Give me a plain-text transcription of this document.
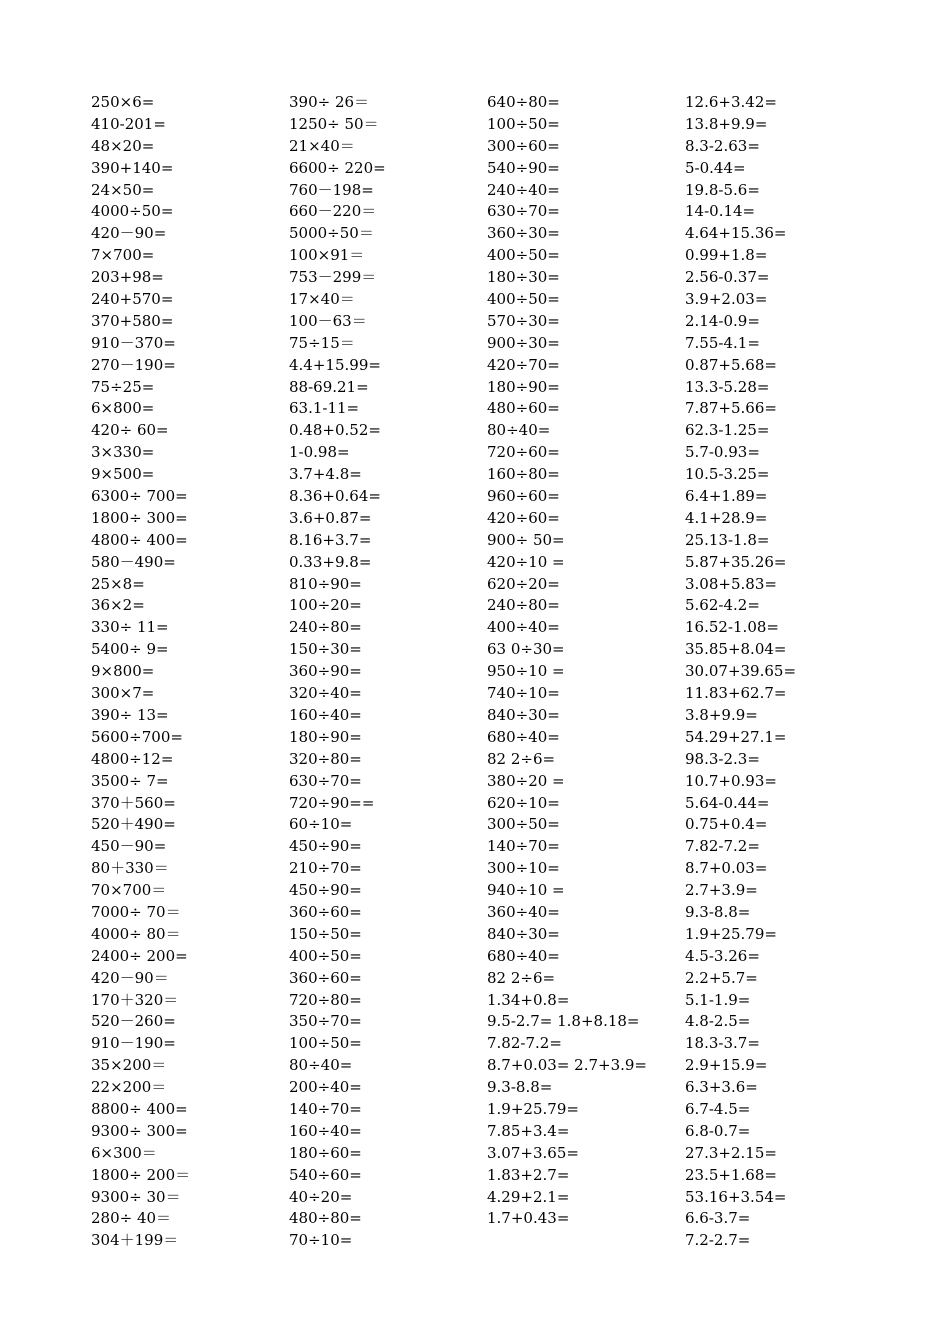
250×6=
410-201=
48×20=
390+140=
24×50=
4000÷50=
420－90=
7×700=
203+98=
240+570=
370+580=
910－370=
270－190=
75÷25=
6×800=
420÷ 60=
3×330=
9×500=
6300÷ 700=
1800÷ 300=
4800÷ 400=
580－490=
25×8=
36×2=
330÷ 11=
5400÷ 9=
9×800=
300×7=
390÷ 13=
5600÷700=
4800÷12=
3500÷ 7=
370＋560=
520＋490=
450－90=
80＋330＝
70×700＝
7000÷ 70＝
4000÷ 80＝
2400÷ 200=
420－90＝
170＋320＝
520－260=
910－190=
35×200＝
22×200＝
8800÷ 400=
9300÷ 300=
6×300＝
1800÷ 200＝
9300÷ 30＝
280÷ 40＝
304＋199＝
390÷ 26＝
1250÷ 50＝
21×40＝
6600÷ 220=
760－198=
660－220＝
5000÷50＝
100×91＝
753－299＝
17×40＝
100－63＝
75÷15＝
4.4+15.99=
88-69.21=
63.1-11=
0.48+0.52=
1-0.98=
3.7+4.8=
8.36+0.64=
3.6+0.87=
8.16+3.7=
0.33+9.8=
810÷90=
100÷20=
240÷80=
150÷30=
360÷90=
320÷40=
160÷40=
180÷90=
320÷80=
630÷70=
720÷90==
60÷10=
450÷90=
210÷70=
450÷90=
360÷60=
150÷50=
400÷50=
360÷60=
720÷80=
350÷70=
100÷50=
80÷40=
200÷40=
140÷70=
160÷40=
180÷60=
540÷60=
40÷20=
480÷80=
70÷10=
640÷80=
100÷50=
300÷60=
540÷90=
240÷40=
630÷70=
360÷30=
400÷50=
180÷30=
400÷50=
570÷30=
900÷30=
420÷70=
180÷90=
480÷60=
80÷40=
720÷60=
160÷80=
960÷60=
420÷60=
900÷ 50=
420÷10 =
620÷20=
240÷80=
400÷40=
63 0÷30=
950÷10 =
740÷10=
840÷30=
680÷40=
82 2÷6=
380÷20 =
620÷10=
300÷50=
140÷70=
300÷10=
940÷10 =
360÷40=
840÷30=
680÷40=
82 2÷6=
1.34+0.8=
9.5-2.7= 1.8+8.18=
7.82-7.2=
8.7+0.03= 2.7+3.9=
9.3-8.8=
1.9+25.79=
7.85+3.4=
3.07+3.65=
1.83+2.7=
4.29+2.1=
1.7+0.43=
12.6+3.42=
13.8+9.9=
8.3-2.63=
5-0.44=
19.8-5.6=
14-0.14=
4.64+15.36=
0.99+1.8=
2.56-0.37=
3.9+2.03=
2.14-0.9=
7.55-4.1=
0.87+5.68=
13.3-5.28=
7.87+5.66=
62.3-1.25=
5.7-0.93=
10.5-3.25=
6.4+1.89=
4.1+28.9=
25.13-1.8=
5.87+35.26=
3.08+5.83=
5.62-4.2=
16.52-1.08=
35.85+8.04=
30.07+39.65=
11.83+62.7=
3.8+9.9=
54.29+27.1=
98.3-2.3=
10.7+0.93=
5.64-0.44=
0.75+0.4=
7.82-7.2=
8.7+0.03=
2.7+3.9=
9.3-8.8=
1.9+25.79=
4.5-3.26=
2.2+5.7=
5.1-1.9=
4.8-2.5=
18.3-3.7=
2.9+15.9=
6.3+3.6=
6.7-4.5=
6.8-0.7=
27.3+2.15=
23.5+1.68=
53.16+3.54=
6.6-3.7=
7.2-2.7=
